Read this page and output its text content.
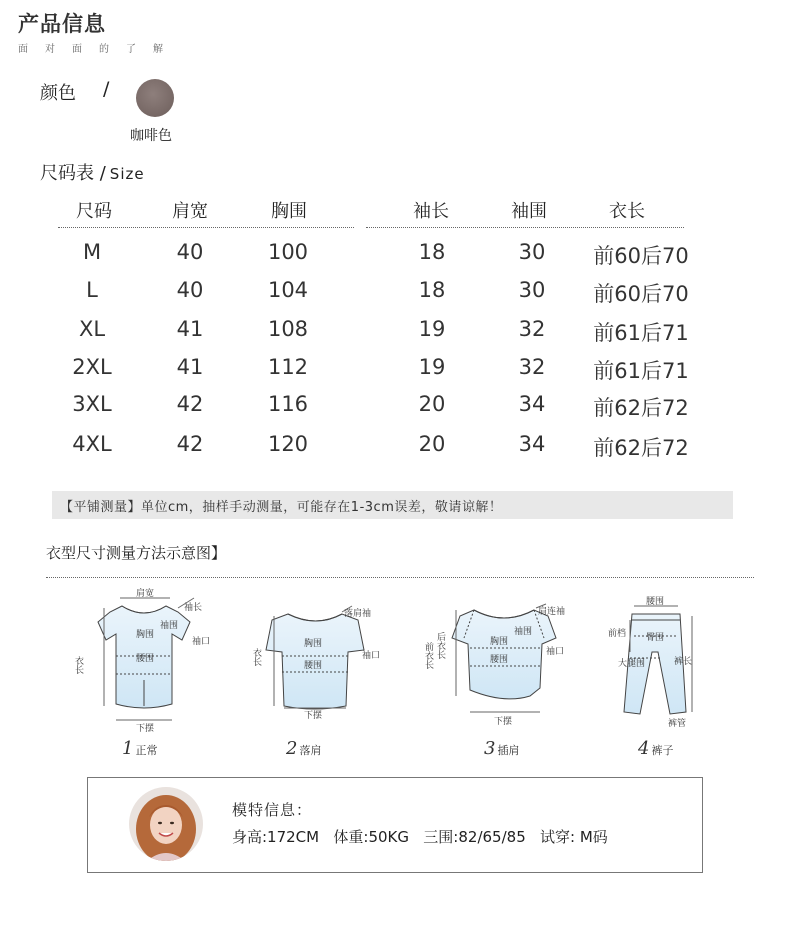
产品信息
面对面的了解
颜色 /
咖啡色
尺码表 / Size
尺码	肩宽	胸围	袖长	袖围	衣长
M	40	100	18	30	前60后70
L	40	104	18	30	前60后70
XL	41	108	19	32	前61后71
2XL	41	112	19	32	前61后71
3XL	42	116	20	34	前62后72
4XL	42	120	20	34	前62后72
【平铺测量】单位cm，抽样手动测量，可能存在1-3cm误差，敬请谅解！
衣型尺寸测量方法示意图】
肩宽
袖长
袖围
胸围
袖口
腰围
衣长
下摆
落肩袖
胸围
袖口
腰围
衣长
下摆
肩连袖
袖围
胸围
袖口
腰围
后衣长
前衣长
下摆
腰围
前档 臀围
大腿围	裤长
裤管
1 正常	2 落肩	3 插肩	4 裤子
模特信息：
身高:172CM   体重:50KG   三围:82/65/85   试穿: M码
